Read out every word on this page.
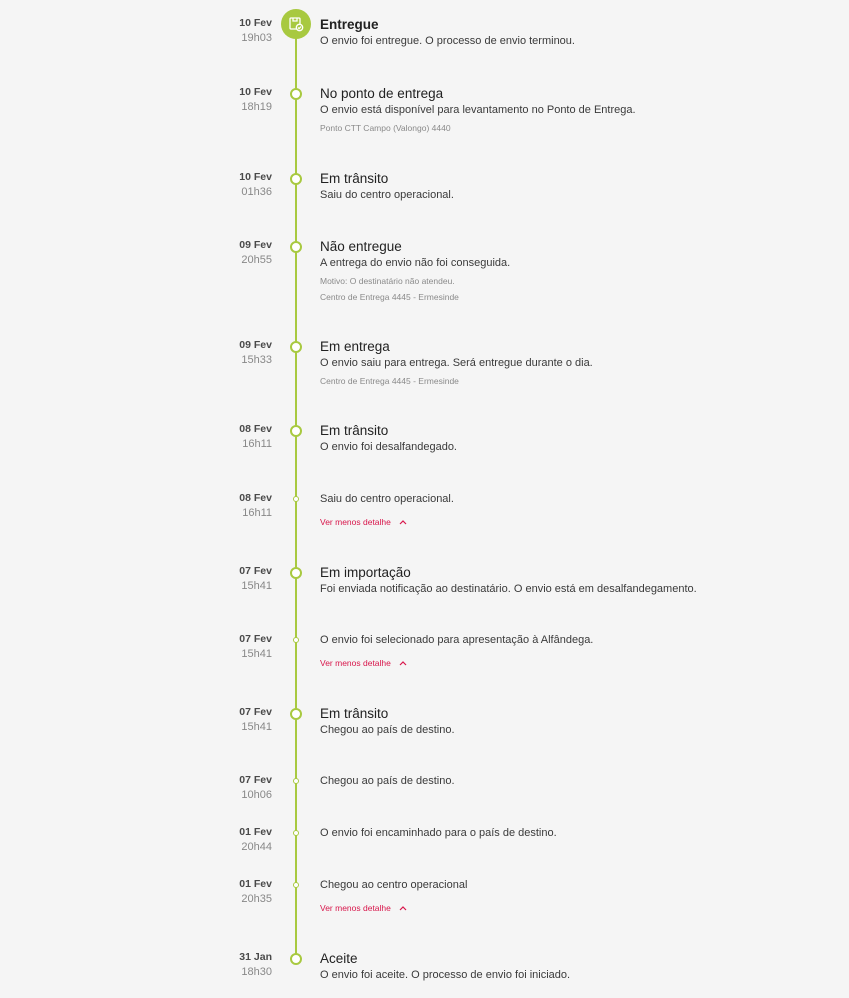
10 Fev
19h03
Entregue
O envio foi entregue. O processo de envio terminou.
10 Fev
18h19
No ponto de entrega
O envio está disponível para levantamento no Ponto de Entrega.
Ponto CTT Campo (Valongo) 4440
10 Fev
01h36
Em trânsito
Saiu do centro operacional.
09 Fev
20h55
Não entregue
A entrega do envio não foi conseguida.
Motivo: O destinatário não atendeu.
Centro de Entrega 4445 - Ermesinde
09 Fev
15h33
Em entrega
O envio saiu para entrega. Será entregue durante o dia.
Centro de Entrega 4445 - Ermesinde
08 Fev
16h11
Em trânsito
O envio foi desalfandegado.
08 Fev
16h11
Saiu do centro operacional.
Ver menos detalhe
07 Fev
15h41
Em importação
Foi enviada notificação ao destinatário. O envio está em desalfandegamento.
07 Fev
15h41
O envio foi selecionado para apresentação à Alfândega.
Ver menos detalhe
07 Fev
15h41
Em trânsito
Chegou ao país de destino.
07 Fev
10h06
Chegou ao país de destino.
01 Fev
20h44
O envio foi encaminhado para o país de destino.
01 Fev
20h35
Chegou ao centro operacional
Ver menos detalhe
31 Jan
18h30
Aceite
O envio foi aceite. O processo de envio foi iniciado.
